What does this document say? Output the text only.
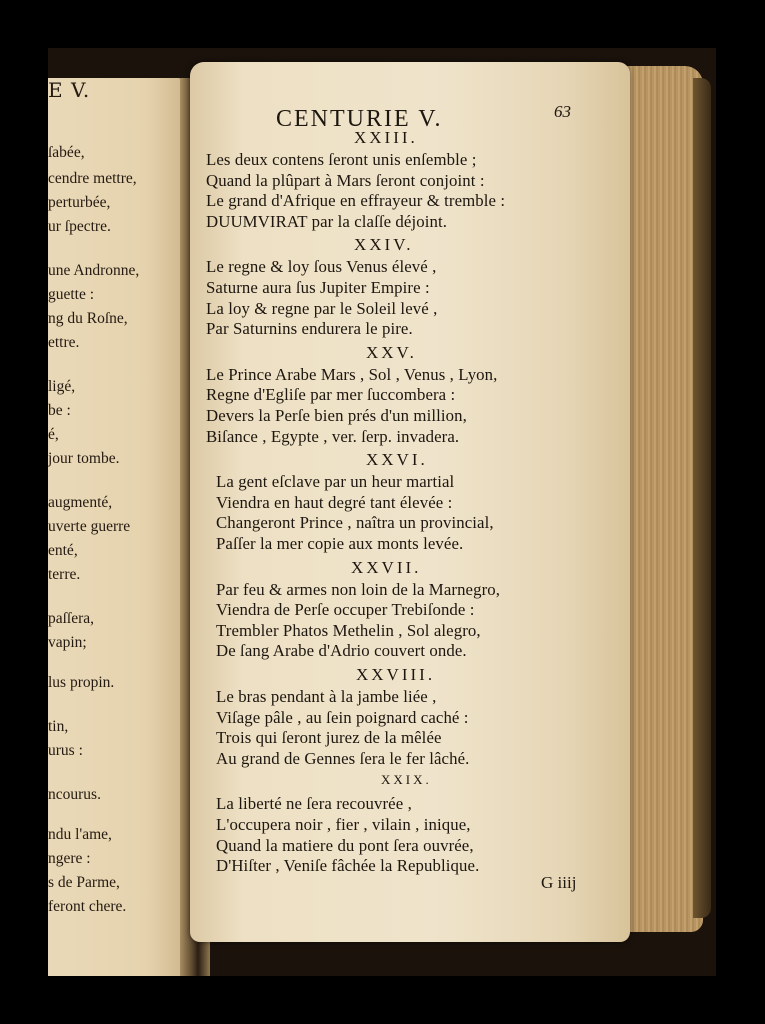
E V.
ſabée,
cendre mettre,
perturbée,
ur ſpectre.
une Andronne,
guette :
ng du Roſne,
ettre.
ligé,
be :
é,
jour tombe.
augmenté,
uverte guerre
enté,
terre.
paſſera,
vapin;
lus propin.
tin,
urus :
ncourus.
ndu l'ame,
ngere :
s de Parme,
feront chere.
CENTURIE V.	63
G iiij
XXIII.
Les deux contens ſeront unis enſemble ;
Quand la plûpart à Mars ſeront conjoint :
Le grand d'Afrique en effrayeur & tremble :
DUUMVIRAT par la claſſe déjoint.
XXIV.
Le regne & loy ſous Venus élevé ,
Saturne aura ſus Jupiter Empire :
La loy & regne par le Soleil levé ,
Par Saturnins endurera le pire.
XXV.
Le Prince Arabe Mars , Sol , Venus , Lyon,
Regne d'Egliſe par mer ſuccombera :
Devers la Perſe bien prés d'un million,
Biſance , Egypte , ver. ſerp. invadera.
XXVI.
La gent eſclave par un heur martial
Viendra en haut degré tant élevée :
Changeront Prince , naîtra un provincial,
Paſſer la mer copie aux monts levée.
XXVII.
Par feu & armes non loin de la Marnegro,
Viendra de Perſe occuper Trebiſonde :
Trembler Phatos Methelin , Sol alegro,
De ſang Arabe d'Adrio couvert onde.
XXVIII.
Le bras pendant à la jambe liée ,
Viſage pâle , au ſein poignard caché :
Trois qui ſeront jurez de la mêlée
Au grand de Gennes ſera le fer lâché.
XXIX.
La liberté ne ſera recouvrée ,
L'occupera noir , fier , vilain , inique,
Quand la matiere du pont ſera ouvrée,
D'Hiſter , Veniſe fâchée la Republique.
